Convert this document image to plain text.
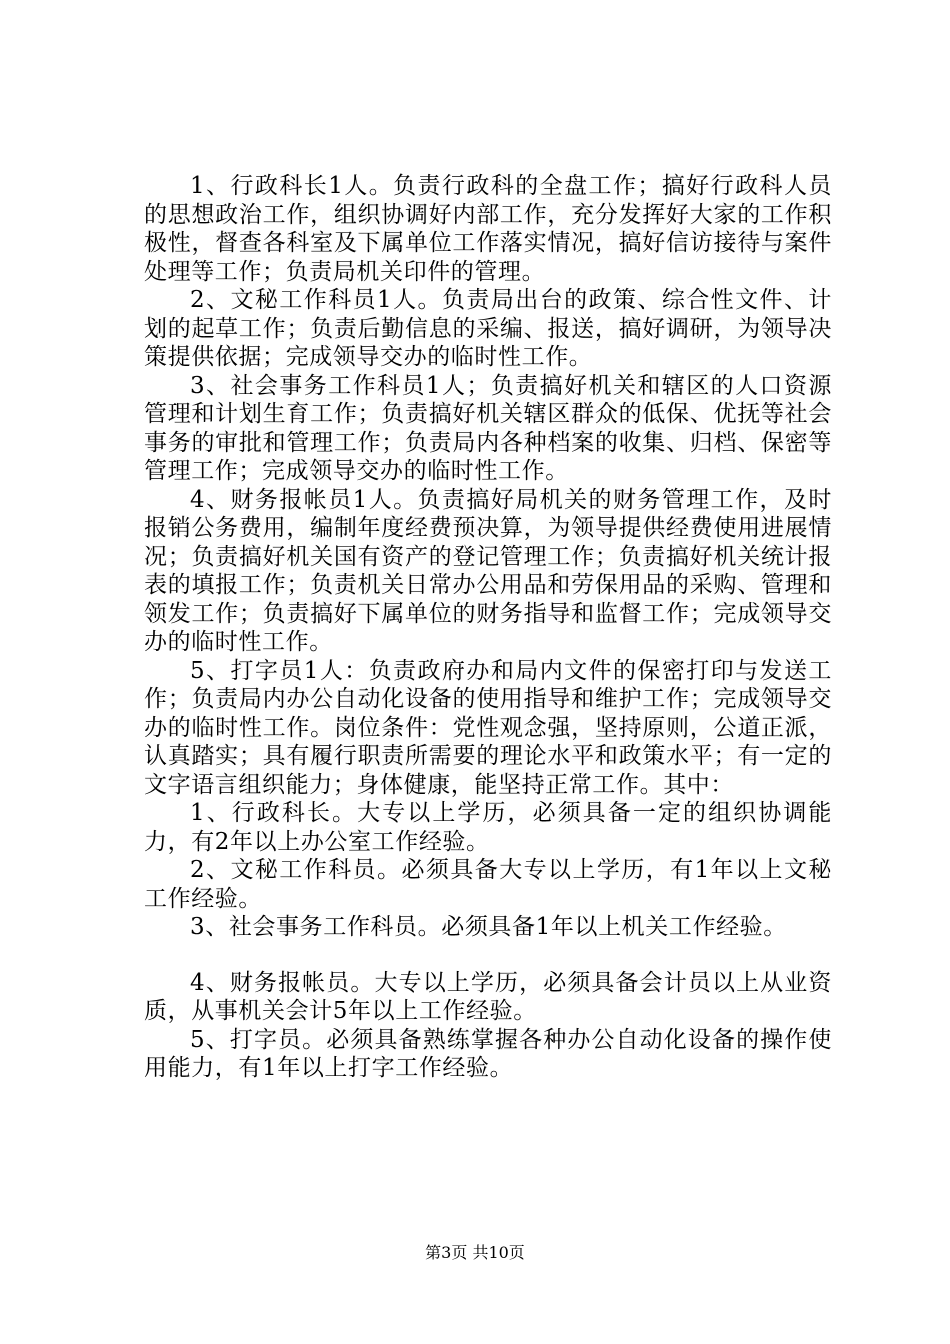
1、行政科长1人。负责行政科的全盘工作；搞好行政科人员的思想政治工作，组织协调好内部工作，充分发挥好大家的工作积极性，督查各科室及下属单位工作落实情况，搞好信访接待与案件处理等工作；负责局机关印件的管理。

2、文秘工作科员1人。负责局出台的政策、综合性文件、计划的起草工作；负责后勤信息的采编、报送，搞好调研，为领导决策提供依据；完成领导交办的临时性工作。

3、社会事务工作科员1人；负责搞好机关和辖区的人口资源管理和计划生育工作；负责搞好机关辖区群众的低保、优抚等社会事务的审批和管理工作；负责局内各种档案的收集、归档、保密等管理工作；完成领导交办的临时性工作。

4、财务报帐员1人。负责搞好局机关的财务管理工作，及时报销公务费用，编制年度经费预决算，为领导提供经费使用进展情况；负责搞好机关国有资产的登记管理工作；负责搞好机关统计报表的填报工作；负责机关日常办公用品和劳保用品的采购、管理和领发工作；负责搞好下属单位的财务指导和监督工作；完成领导交办的临时性工作。

5、打字员1人：负责政府办和局内文件的保密打印与发送工作；负责局内办公自动化设备的使用指导和维护工作；完成领导交办的临时性工作。岗位条件：党性观念强，坚持原则，公道正派，认真踏实；具有履行职责所需要的理论水平和政策水平；有一定的文字语言组织能力；身体健康，能坚持正常工作。其中：

1、行政科长。大专以上学历，必须具备一定的组织协调能力，有2年以上办公室工作经验。

2、文秘工作科员。必须具备大专以上学历，有1年以上文秘工作经验。

3、社会事务工作科员。必须具备1年以上机关工作经验。

4、财务报帐员。大专以上学历，必须具备会计员以上从业资质，从事机关会计5年以上工作经验。

5、打字员。必须具备熟练掌握各种办公自动化设备的操作使用能力，有1年以上打字工作经验。

第3页 共10页
